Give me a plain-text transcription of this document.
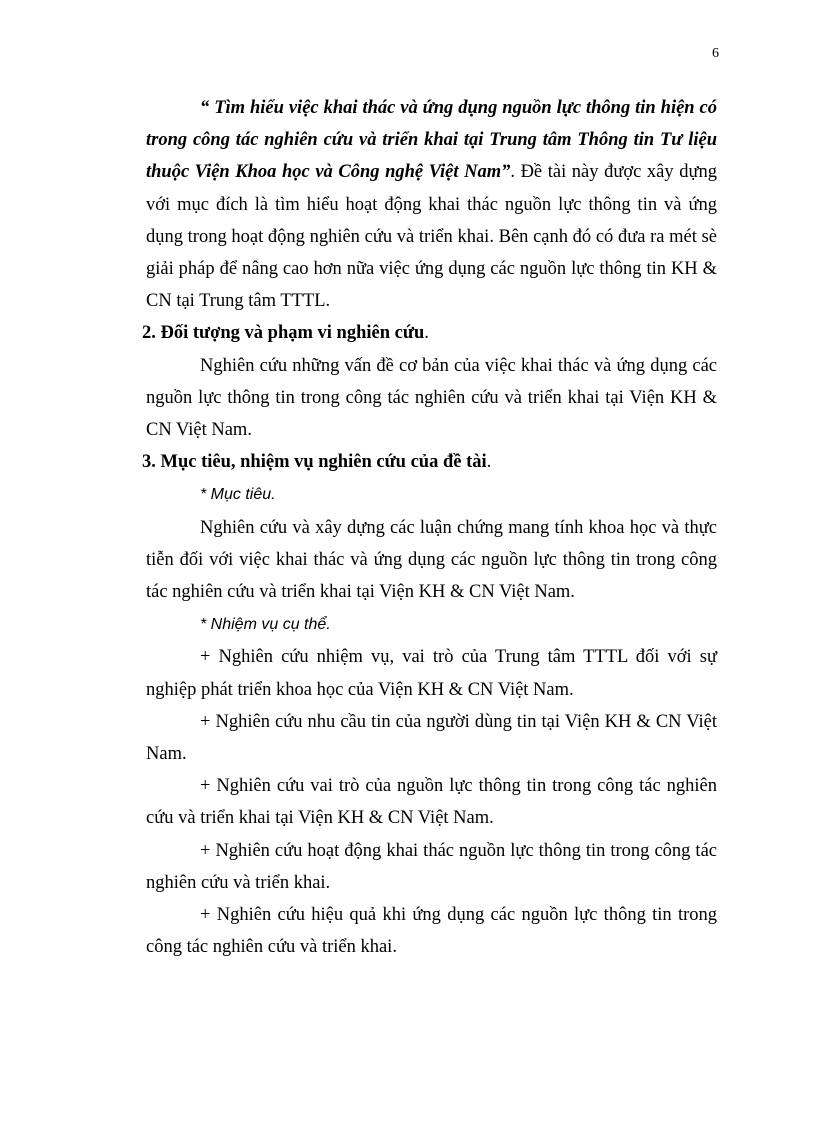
6

“ Tìm hiểu việc khai thác và ứng dụng nguồn lực thông tin hiện có trong công tác nghiên cứu và triển khai tại Trung tâm Thông tin Tư liệu thuộc Viện Khoa học và Công nghệ Việt Nam”. Đề tài này được xây dựng với mục đích là tìm hiểu hoạt động khai thác nguồn lực thông tin và ứng dụng trong hoạt động nghiên cứu và triển khai. Bên cạnh đó có đưa ra mét sè giải pháp để nâng cao hơn nữa việc ứng dụng các nguồn lực thông tin KH & CN tại Trung tâm TTTL.

2. Đối tượng và phạm vi nghiên cứu.

Nghiên cứu những vấn đề cơ bản của việc khai thác và ứng dụng các nguồn lực thông tin trong công tác nghiên cứu và triển khai tại Viện KH & CN Việt Nam.

3. Mục tiêu, nhiệm vụ nghiên cứu của đề tài.

* Mục tiêu.

Nghiên cứu và xây dựng các luận chứng mang tính khoa học và thực tiễn đối với việc khai thác và ứng dụng các nguồn lực thông tin trong công tác nghiên cứu và triển khai tại Viện KH & CN Việt Nam.

* Nhiệm vụ cụ thể.

+ Nghiên cứu nhiệm vụ, vai trò của Trung tâm TTTL đối với sự nghiệp phát triển khoa học của Viện KH & CN Việt Nam.

+ Nghiên cứu nhu cầu tin của người dùng tin tại Viện KH & CN Việt Nam.

+ Nghiên cứu vai trò của nguồn lực thông tin trong công tác nghiên cứu và triển khai tại Viện KH & CN Việt Nam.

+ Nghiên cứu hoạt động khai thác nguồn lực thông tin trong công tác nghiên cứu và triển khai.

+ Nghiên cứu hiệu quả khi ứng dụng các nguồn lực thông tin trong công tác nghiên cứu và triển khai.
